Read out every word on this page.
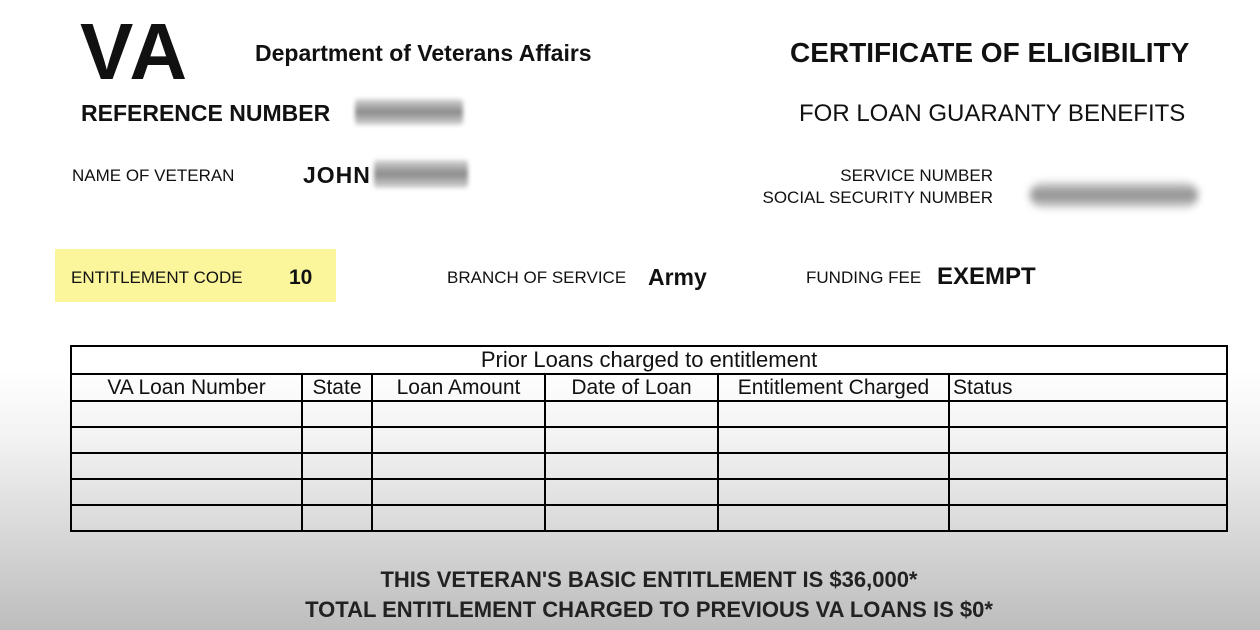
VA	Department of Veterans Affairs	CERTIFICATE OF ELIGIBILITY
REFERENCE NUMBER	FOR LOAN GUARANTY BENEFITS
NAME OF VETERAN	JOHN	SERVICE NUMBER
SOCIAL SECURITY NUMBER
ENTITLEMENT CODE 10	BRANCH OF SERVICE Army	FUNDING FEE EXEMPT
Prior Loans charged to entitlement					
VA Loan Number	State	Loan Amount	Date of Loan	Entitlement Charged	Status

THIS VETERAN'S BASIC ENTITLEMENT IS $36,000*
TOTAL ENTITLEMENT CHARGED TO PREVIOUS VA LOANS IS $0*
